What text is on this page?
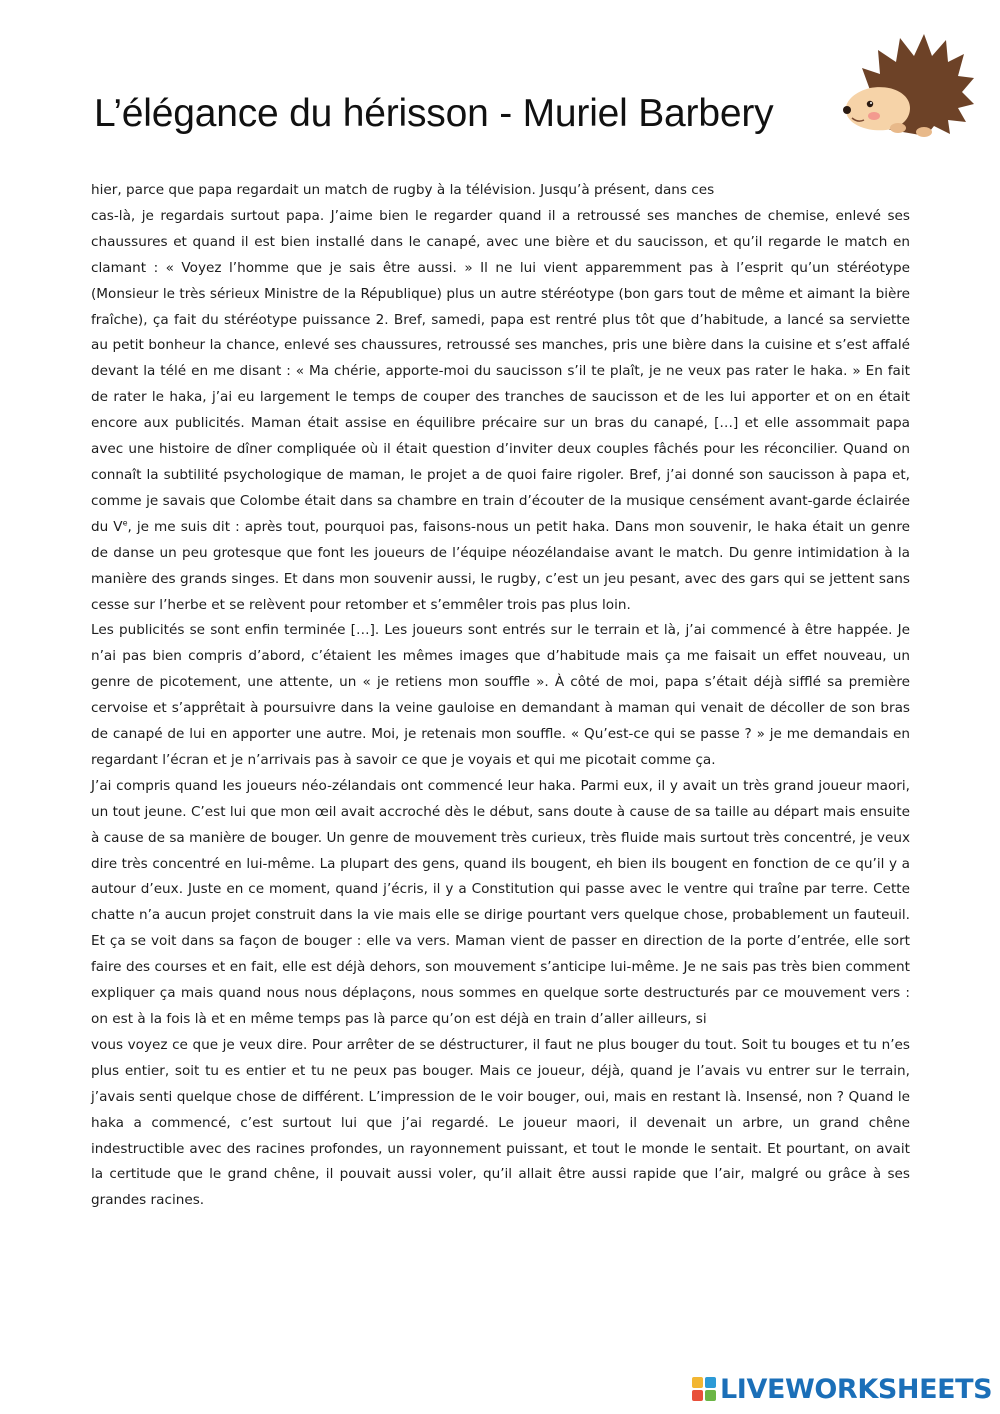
L’élégance du hérisson - Muriel Barbery

hier, parce que papa regardait un match de rugby à la télévision. Jusqu’à présent, dans ces

cas-là, je regardais surtout papa. J’aime bien le regarder quand il a retroussé ses manches de chemise, enlevé ses chaussures et quand il est bien installé dans le canapé, avec une bière et du saucisson, et qu’il regarde le match en clamant : « Voyez l’homme que je sais être aussi. » Il ne lui vient apparemment pas à l’esprit qu’un stéréotype (Monsieur le très sérieux Ministre de la République) plus un autre stéréotype (bon gars tout de même et aimant la bière fraîche), ça fait du stéréotype puissance 2. Bref, samedi, papa est rentré plus tôt que d’habitude, a lancé sa serviette au petit bonheur la chance, enlevé ses chaussures, retroussé ses manches, pris une bière dans la cuisine et s’est affalé devant la télé en me disant : « Ma chérie, apporte-moi du saucisson s’il te plaît, je ne veux pas rater le haka. » En fait de rater le haka, j’ai eu largement le temps de couper des tranches de saucisson et de les lui apporter et on en était encore aux publicités. Maman était assise en équilibre précaire sur un bras du canapé, […] et elle assommait papa avec une histoire de dîner compliquée où il était question d’inviter deux couples fâchés pour les réconcilier. Quand on connaît la subtilité psychologique de maman, le projet a de quoi faire rigoler. Bref, j’ai donné son saucisson à papa et, comme je savais que Colombe était dans sa chambre en train d’écouter de la musique censément avant-garde éclairée du Ve, je me suis dit : après tout, pourquoi pas, faisons-nous un petit haka. Dans mon souvenir, le haka était un genre de danse un peu grotesque que font les joueurs de l’équipe néozélandaise avant le match. Du genre intimidation à la manière des grands singes. Et dans mon souvenir aussi, le rugby, c’est un jeu pesant, avec des gars qui se jettent sans cesse sur l’herbe et se relèvent pour retomber et s’emmêler trois pas plus loin.

Les publicités se sont enfin terminée […]. Les joueurs sont entrés sur le terrain et là, j’ai commencé à être happée. Je n’ai pas bien compris d’abord, c’étaient les mêmes images que d’habitude mais ça me faisait un effet nouveau, un genre de picotement, une attente, un « je retiens mon souffle ». À côté de moi, papa s’était déjà sifflé sa première cervoise et s’apprêtait à poursuivre dans la veine gauloise en demandant à maman qui venait de décoller de son bras de canapé de lui en apporter une autre. Moi, je retenais mon souffle. « Qu’est-ce qui se passe ? » je me demandais en regardant l’écran et je n’arrivais pas à savoir ce que je voyais et qui me picotait comme ça.

J’ai compris quand les joueurs néo-zélandais ont commencé leur haka. Parmi eux, il y avait un très grand joueur maori, un tout jeune. C’est lui que mon œil avait accroché dès le début, sans doute à cause de sa taille au départ mais ensuite à cause de sa manière de bouger. Un genre de mouvement très curieux, très fluide mais surtout très concentré, je veux dire très concentré en lui-même. La plupart des gens, quand ils bougent, eh bien ils bougent en fonction de ce qu’il y a autour d’eux. Juste en ce moment, quand j’écris, il y a Constitution qui passe avec le ventre qui traîne par terre. Cette chatte n’a aucun projet construit dans la vie mais elle se dirige pourtant vers quelque chose, probablement un fauteuil. Et ça se voit dans sa façon de bouger : elle va vers. Maman vient de passer en direction de la porte d’entrée, elle sort faire des courses et en fait, elle est déjà dehors, son mouvement s’anticipe lui-même. Je ne sais pas très bien comment expliquer ça mais quand nous nous déplaçons, nous sommes en quelque sorte destructurés par ce mouvement vers : on est à la fois là et en même temps pas là parce qu’on est déjà en train d’aller ailleurs, si

vous voyez ce que je veux dire. Pour arrêter de se déstructurer, il faut ne plus bouger du tout. Soit tu bouges et tu n’es plus entier, soit tu es entier et tu ne peux pas bouger. Mais ce joueur, déjà, quand je l’avais vu entrer sur le terrain, j’avais senti quelque chose de différent. L’impression de le voir bouger, oui, mais en restant là. Insensé, non ? Quand le haka a commencé, c’est surtout lui que j’ai regardé. Le joueur maori, il devenait un arbre, un grand chêne indestructible avec des racines profondes, un rayonnement puissant, et tout le monde le sentait. Et pourtant, on avait la certitude que le grand chêne, il pouvait aussi voler, qu’il allait être aussi rapide que l’air, malgré ou grâce à ses grandes racines.

LIVEWORKSHEETS
